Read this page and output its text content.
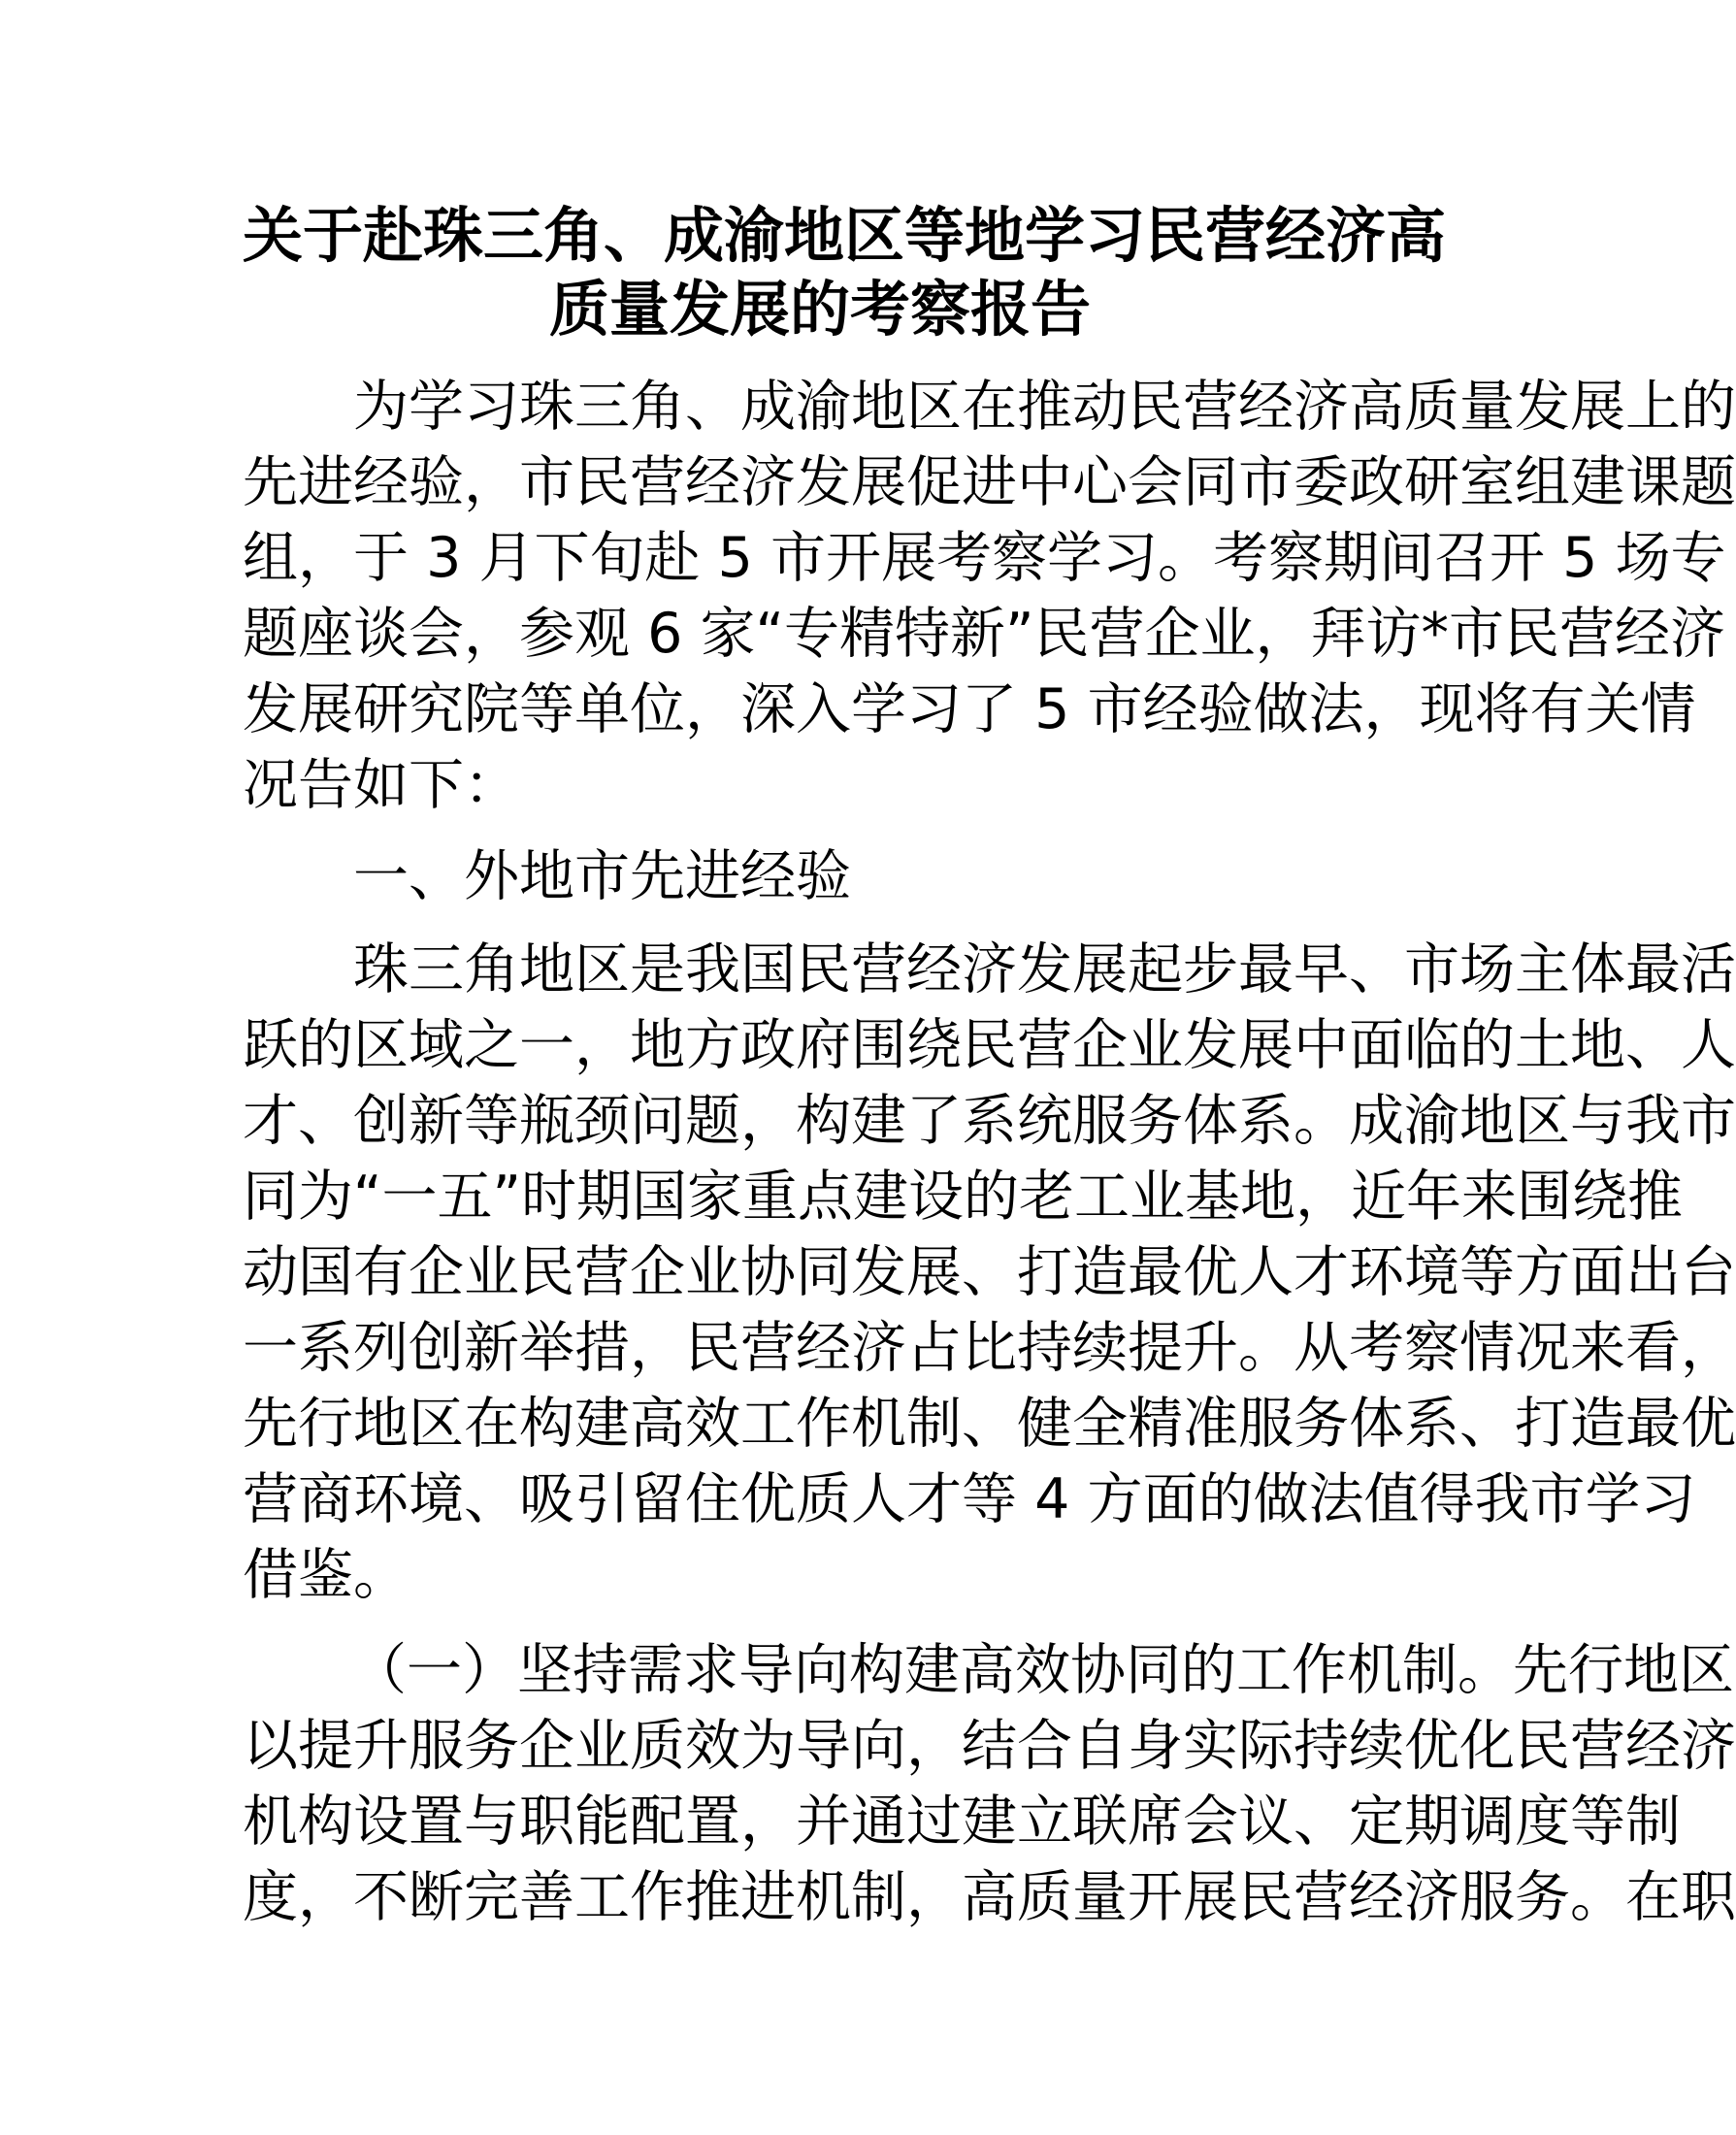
关于赴珠三角、成渝地区等地学习民营经济高
质量发展的考察报告
为学习珠三角、成渝地区在推动民营经济高质量发展上的
先进经验，市民营经济发展促进中心会同市委政研室组建课题
组，于 3 月下旬赴 5 市开展考察学习。考察期间召开 5 场专
题座谈会，参观 6 家“专精特新”民营企业，拜访*市民营经济
发展研究院等单位，深入学习了 5 市经验做法，现将有关情
况告如下：
一、外地市先进经验
珠三角地区是我国民营经济发展起步最早、市场主体最活
跃的区域之一，地方政府围绕民营企业发展中面临的土地、人
才、创新等瓶颈问题，构建了系统服务体系。成渝地区与我市
同为“一五”时期国家重点建设的老工业基地，近年来围绕推
动国有企业民营企业协同发展、打造最优人才环境等方面出台
一系列创新举措，民营经济占比持续提升。从考察情况来看，
先行地区在构建高效工作机制、健全精准服务体系、打造最优
营商环境、吸引留住优质人才等 4 方面的做法值得我市学习
借鉴。
（一）坚持需求导向构建高效协同的工作机制。先行地区
以提升服务企业质效为导向，结合自身实际持续优化民营经济
机构设置与职能配置，并通过建立联席会议、定期调度等制
度，不断完善工作推进机制，高质量开展民营经济服务。在职
